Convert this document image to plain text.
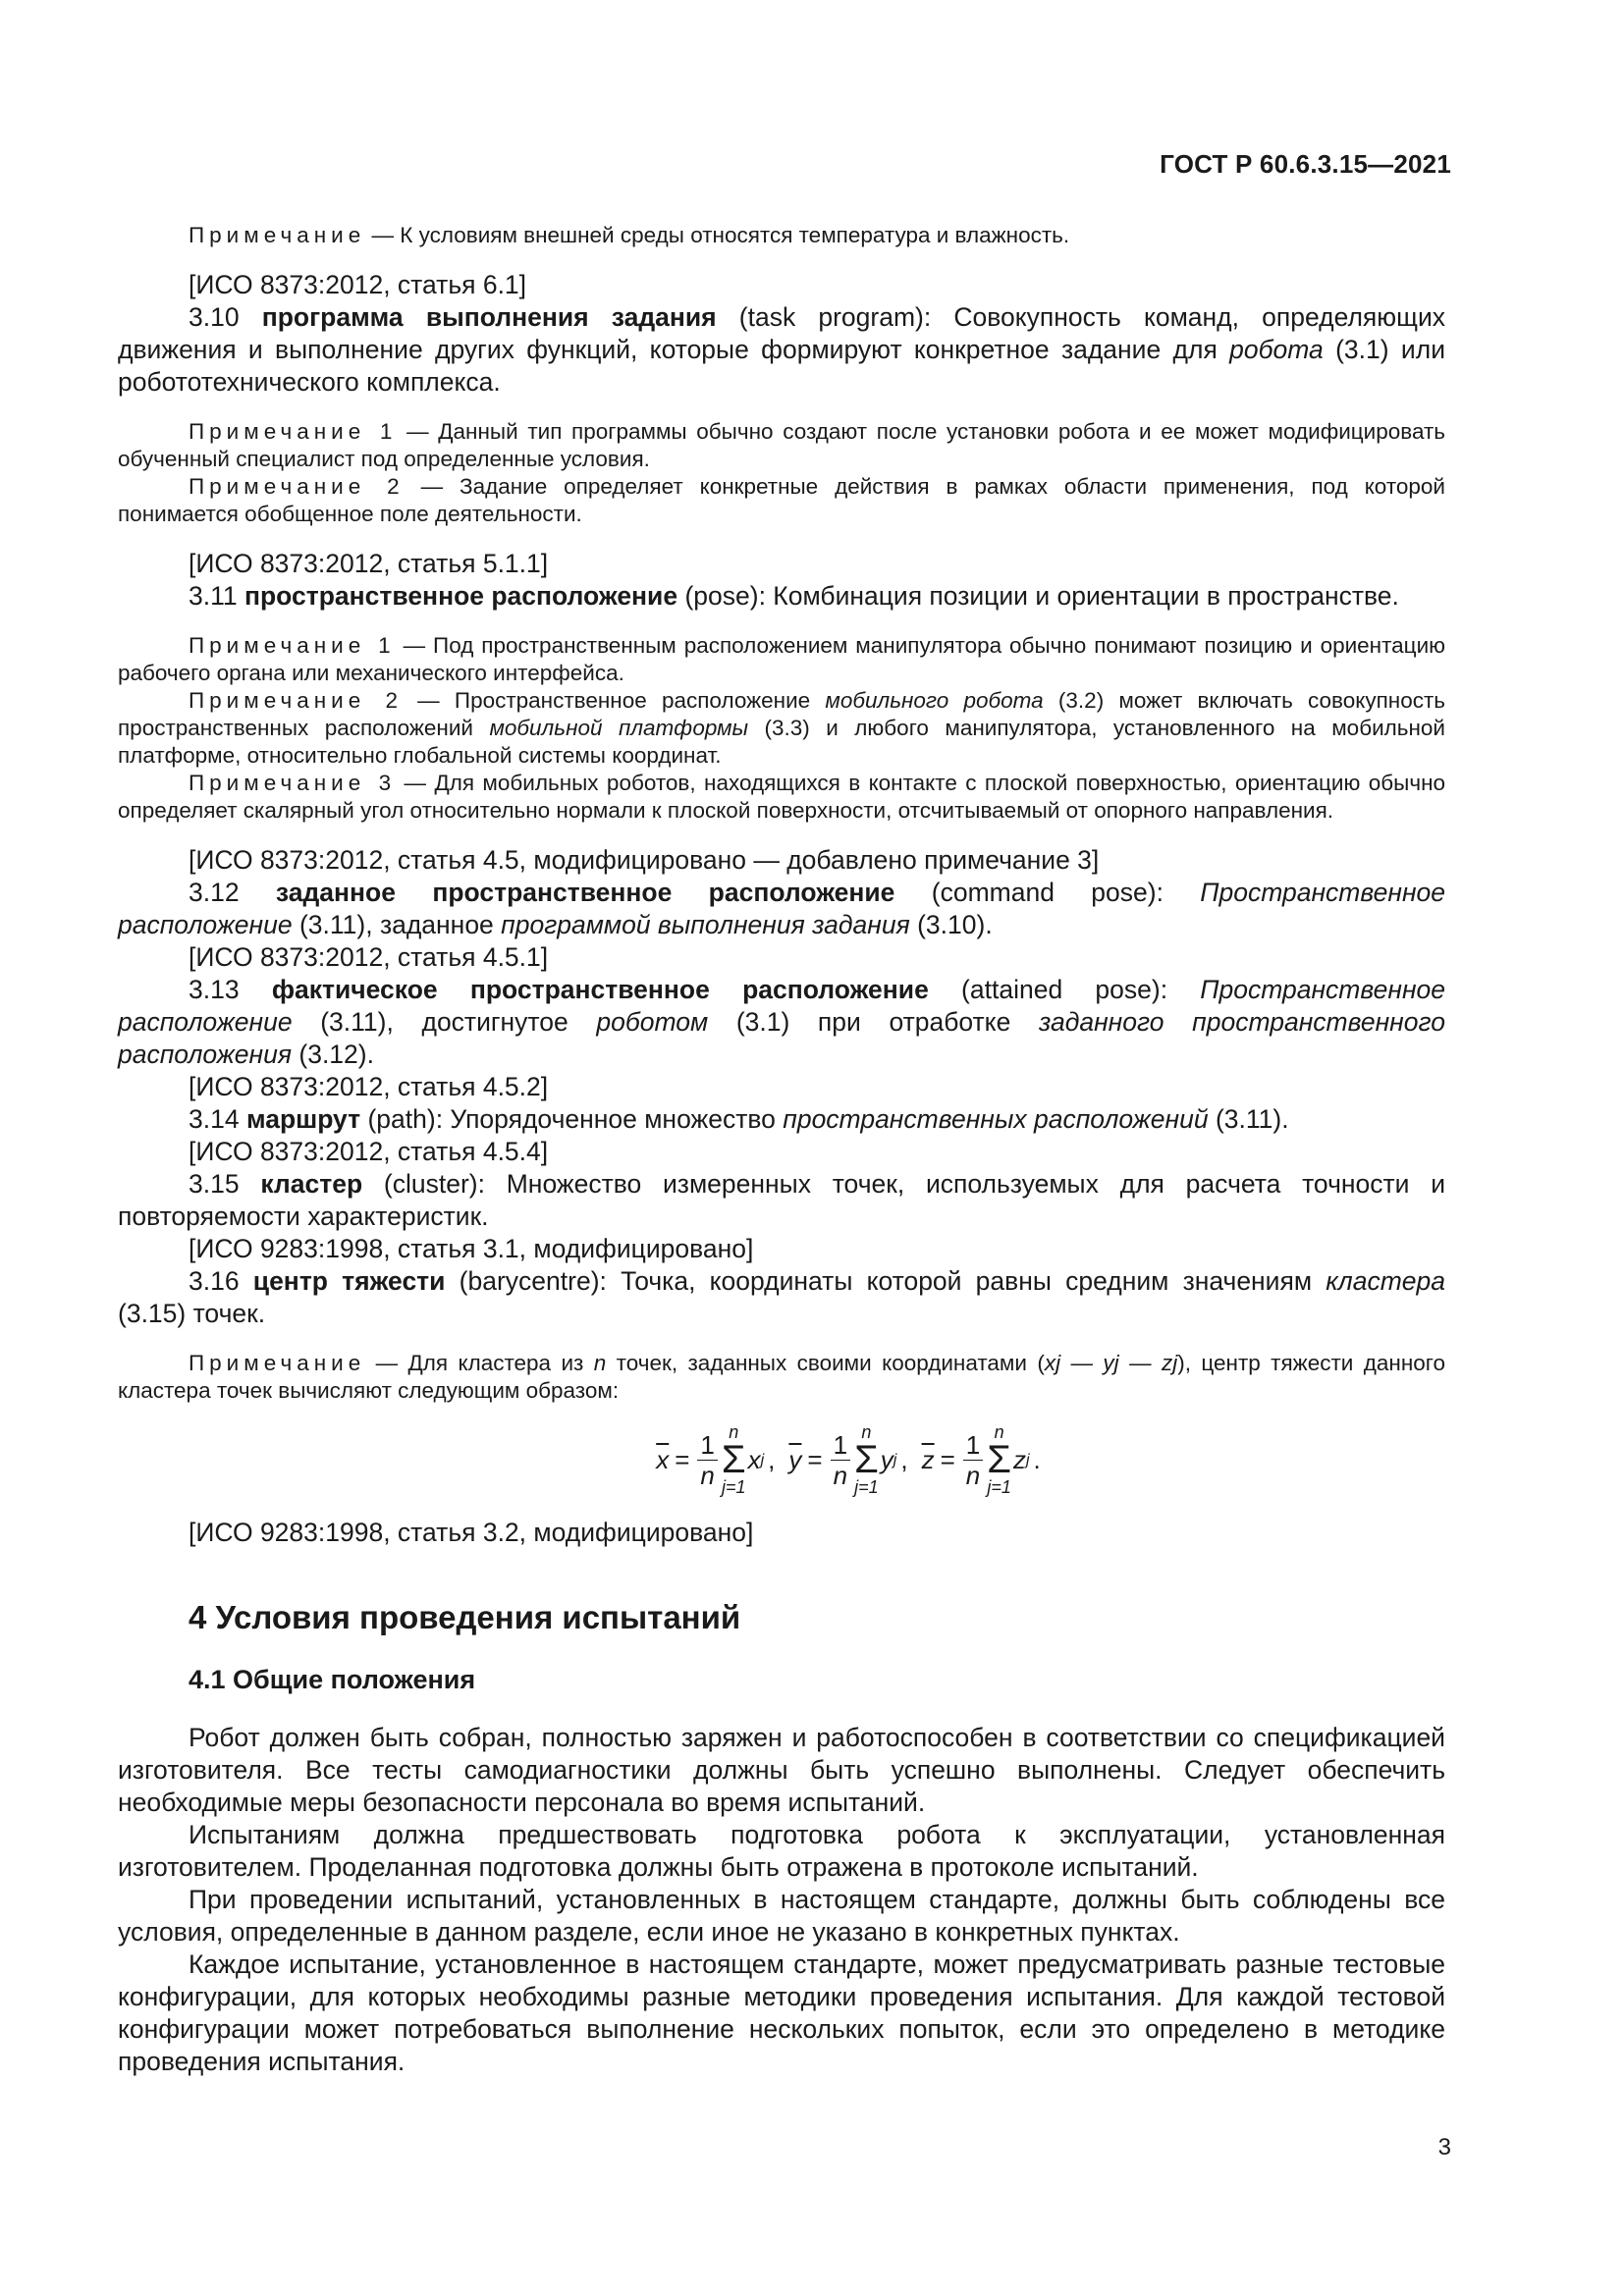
ГОСТ Р 60.6.3.15—2021

Примечание — К условиям внешней среды относятся температура и влажность.

[ИСО 8373:2012, статья 6.1]

3.10 программа выполнения задания (task program): Совокупность команд, определяющих движения и выполнение других функций, которые формируют конкретное задание для робота (3.1) или робототехнического комплекса.

Примечание 1 — Данный тип программы обычно создают после установки робота и ее может модифицировать обученный специалист под определенные условия.

Примечание 2 — Задание определяет конкретные действия в рамках области применения, под которой понимается обобщенное поле деятельности.

[ИСО 8373:2012, статья 5.1.1]

3.11 пространственное расположение (pose): Комбинация позиции и ориентации в пространстве.

Примечание 1 — Под пространственным расположением манипулятора обычно понимают позицию и ориентацию рабочего органа или механического интерфейса.

Примечание 2 — Пространственное расположение мобильного робота (3.2) может включать совокупность пространственных расположений мобильной платформы (3.3) и любого манипулятора, установленного на мобильной платформе, относительно глобальной системы координат.

Примечание 3 — Для мобильных роботов, находящихся в контакте с плоской поверхностью, ориентацию обычно определяет скалярный угол относительно нормали к плоской поверхности, отсчитываемый от опорного направления.

[ИСО 8373:2012, статья 4.5, модифицировано — добавлено примечание 3]

3.12 заданное пространственное расположение (command pose): Пространственное расположение (3.11), заданное программой выполнения задания (3.10).

[ИСО 8373:2012, статья 4.5.1]

3.13 фактическое пространственное расположение (attained pose): Пространственное расположение (3.11), достигнутое роботом (3.1) при отработке заданного пространственного расположения (3.12).

[ИСО 8373:2012, статья 4.5.2]

3.14 маршрут (path): Упорядоченное множество пространственных расположений (3.11).

[ИСО 8373:2012, статья 4.5.4]

3.15 кластер (cluster): Множество измеренных точек, используемых для расчета точности и повторяемости характеристик.

[ИСО 9283:1998, статья 3.1, модифицировано]

3.16 центр тяжести (barycentre): Точка, координаты которой равны средним значениям кластера (3.15) точек.

Примечание — Для кластера из n точек, заданных своими координатами (xj — yj — zj), центр тяжести данного кластера точек вычисляют следующим образом:

$\overline{x} = \frac{1}{n}$ n
Σ
j=1
x j , $\overline{y} = \frac{1}{n}$ n
Σ
j=1
y j , $\overline{z} = \frac{1}{n}$ n
Σ
j=1
z j .

[ИСО 9283:1998, статья 3.2, модифицировано]

4 Условия проведения испытаний
4.1 Общие положения

Робот должен быть собран, полностью заряжен и работоспособен в соответствии со спецификацией изготовителя. Все тесты самодиагностики должны быть успешно выполнены. Следует обеспечить необходимые меры безопасности персонала во время испытаний.

Испытаниям должна предшествовать подготовка робота к эксплуатации, установленная изготовителем. Проделанная подготовка должны быть отражена в протоколе испытаний.

При проведении испытаний, установленных в настоящем стандарте, должны быть соблюдены все условия, определенные в данном разделе, если иное не указано в конкретных пунктах.

Каждое испытание, установленное в настоящем стандарте, может предусматривать разные тестовые конфигурации, для которых необходимы разные методики проведения испытания. Для каждой тестовой конфигурации может потребоваться выполнение нескольких попыток, если это определено в методике проведения испытания.

3
